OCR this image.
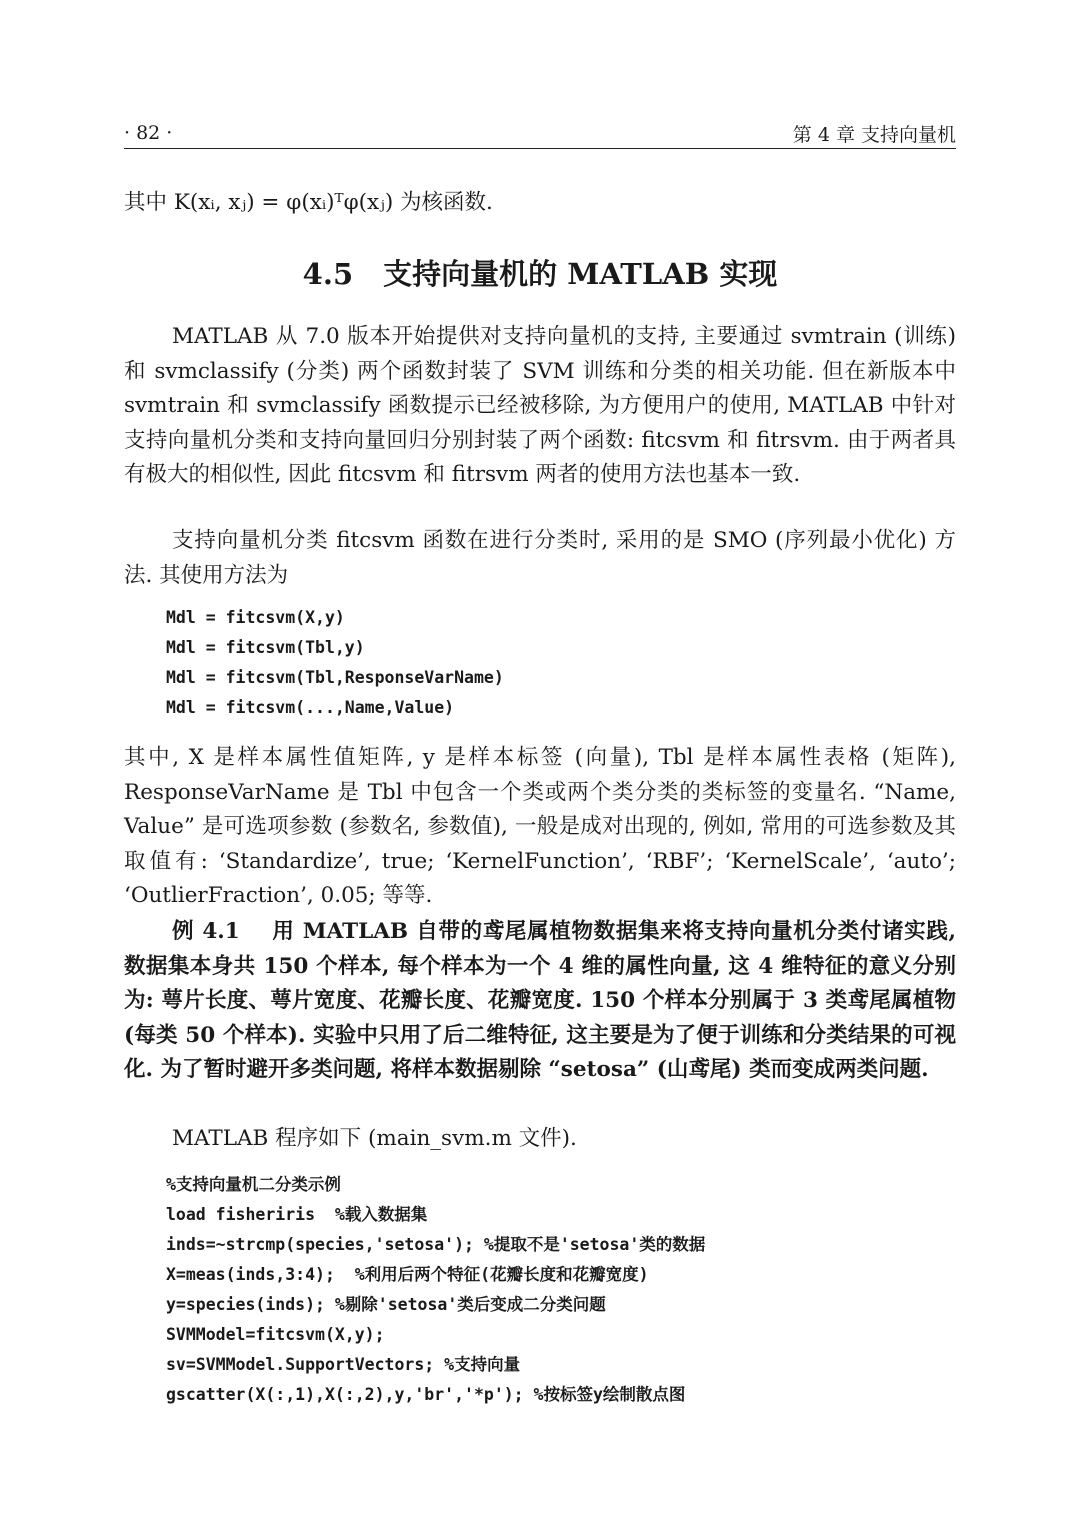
· 82 ·	第 4 章 支持向量机

其中 K(xᵢ, xⱼ) = φ(xᵢ)ᵀφ(xⱼ) 为核函数.

4.5 支持向量机的 MATLAB 实现

MATLAB 从 7.0 版本开始提供对支持向量机的支持, 主要通过 svmtrain (训练) 和 svmclassify (分类) 两个函数封装了 SVM 训练和分类的相关功能. 但在新版本中 svmtrain 和 svmclassify 函数提示已经被移除, 为方便用户的使用, MATLAB 中针对支持向量机分类和支持向量回归分别封装了两个函数: fitcsvm 和 fitrsvm. 由于两者具有极大的相似性, 因此 fitcsvm 和 fitrsvm 两者的使用方法也基本一致.

支持向量机分类 fitcsvm 函数在进行分类时, 采用的是 SMO (序列最小优化) 方法. 其使用方法为

Mdl = fitcsvm(X,y)
Mdl = fitcsvm(Tbl,y)
Mdl = fitcsvm(Tbl,ResponseVarName)
Mdl = fitcsvm(...,Name,Value)

其中, X 是样本属性值矩阵, y 是样本标签 (向量), Tbl 是样本属性表格 (矩阵), ResponseVarName 是 Tbl 中包含一个类或两个类分类的类标签的变量名. “Name, Value” 是可选项参数 (参数名, 参数值), 一般是成对出现的, 例如, 常用的可选参数及其取值有: ‘Standardize’, true; ‘KernelFunction’, ‘RBF’; ‘KernelScale’, ‘auto’; ‘OutlierFraction’, 0.05; 等等.

例 4.1 用 MATLAB 自带的鸢尾属植物数据集来将支持向量机分类付诸实践, 数据集本身共 150 个样本, 每个样本为一个 4 维的属性向量, 这 4 维特征的意义分别为: 萼片长度、萼片宽度、花瓣长度、花瓣宽度. 150 个样本分别属于 3 类鸢尾属植物 (每类 50 个样本). 实验中只用了后二维特征, 这主要是为了便于训练和分类结果的可视化. 为了暂时避开多类问题, 将样本数据剔除 “setosa” (山鸢尾) 类而变成两类问题.

MATLAB 程序如下 (main_svm.m 文件).

%支持向量机二分类示例
load fisheriris  %载入数据集
inds=~strcmp(species,'setosa'); %提取不是'setosa'类的数据
X=meas(inds,3:4);  %利用后两个特征(花瓣长度和花瓣宽度)
y=species(inds); %剔除'setosa'类后变成二分类问题
SVMModel=fitcsvm(X,y);
sv=SVMModel.SupportVectors; %支持向量
gscatter(X(:,1),X(:,2),y,'br','*p'); %按标签y绘制散点图
